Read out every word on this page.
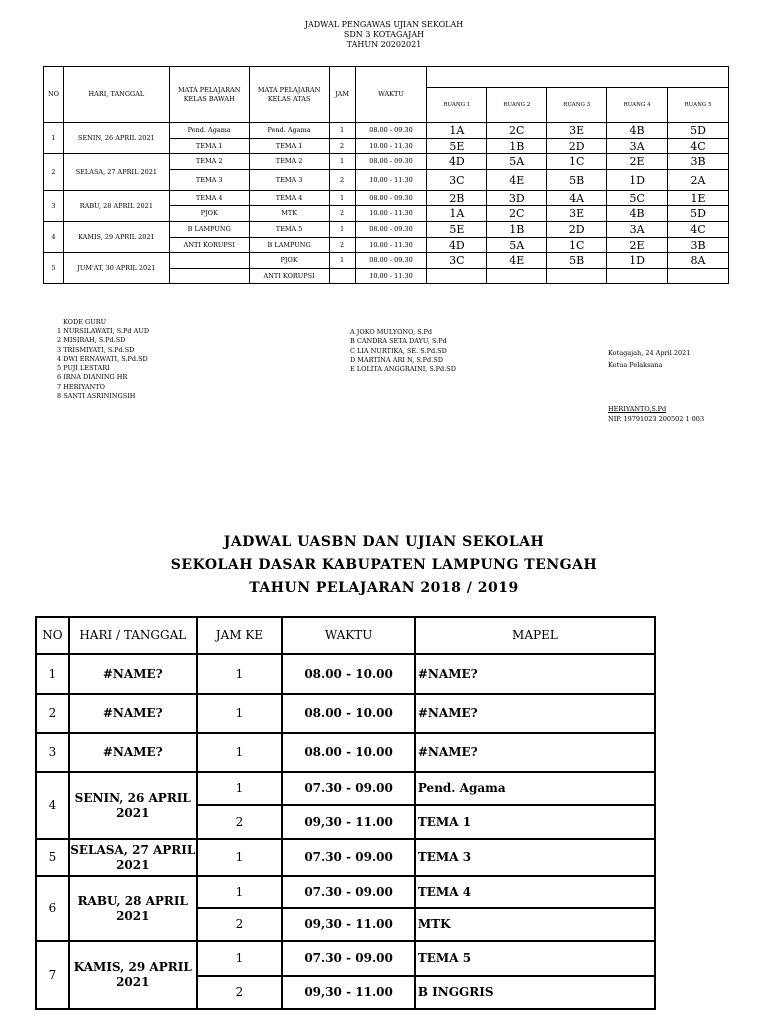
JADWAL PENGAWAS UJIAN SEKOLAH
SDN 3 KOTAGAJAH
TAHUN 20202021
NO	HARI, TANGGAL	MATA PELAJARAN KELAS BAWAH	MATA PELAJARAN KELAS ATAS	JAM	WAKTU					
						RUANG 1	RUANG 2	RUANG 3	RUANG 4	RUANG 5
1	SENIN, 26 APRIL 2021	Pend. Agama	Pend. Agama	1	08.00 - 09.30	1A	2C	3E	4B	5D
		TEMA 1	TEMA 1	2	10.00 - 11.30	5E	1B	2D	3A	4C
2	SELASA, 27 APRIL 2021	TEMA 2	TEMA 2	1	08.00 - 09.30	4D	5A	1C	2E	3B
		TEMA 3	TEMA 3	2	10.00 - 11.30	3C	4E	5B	1D	2A
3	RABU, 28 APRIL 2021	TEMA 4	TEMA 4	1	08.00 - 09.30	2B	3D	4A	5C	1E
		PJOK	MTK	2	10.00 - 11.30	1A	2C	3E	4B	5D
4	KAMIS, 29 APRIL 2021	B LAMPUNG	TEMA 5	1	08.00 - 09.30	5E	1B	2D	3A	4C
		ANTI KORUPSI	B LAMPUNG	2	10.00 - 11.30	4D	5A	1C	2E	3B
5	JUM'AT, 30 APRIL 2021		PJOK	1	08.00 - 09.30	3C	4E	5B	1D	8A
			ANTI KORUPSI		10.00 - 11.30					
KODE GURU
1 NURSILAWATI, S.Pd AUD
2 MISIRAH, S.Pd.SD
3 TRISMIYATI, S.Pd.SD
4 DWI ERNAWATI, S.Pd.SD
5 PUJI LESTARI
6 IRNA DIANING HR
7 HERIYANTO
8 SANTI ASRININGSIH
A JOKO MULYONO, S.Pd
B CANDRA SETA DAYU, S.Pd
C LIA NURTIKA, SE. S.Pd.SD
D MARTINA ARI N, S.Pd.SD
E LOLITA ANGGRAINI, S.Pd.SD
Kotagajah, 24 April 2021
Ketua Pelaksana
HERIYANTO,S.Pd
NIP. 19791023 200502 1 003
JADWAL UASBN DAN UJIAN SEKOLAH
SEKOLAH DASAR KABUPATEN LAMPUNG TENGAH
TAHUN PELAJARAN 2018 / 2019
NO	HARI / TANGGAL	JAM KE	WAKTU	MAPEL
1	#NAME?	1	08.00 - 10.00	#NAME?
2	#NAME?	1	08.00 - 10.00	#NAME?
3	#NAME?	1	08.00 - 10.00	#NAME?
4	SENIN, 26 APRIL 2021	1	07.30 - 09.00	Pend. Agama
		2	09,30 - 11.00	TEMA 1
5	SELASA, 27 APRIL 2021	1	07.30 - 09.00	TEMA 3
6	RABU, 28 APRIL 2021	1	07.30 - 09.00	TEMA 4
		2	09,30 - 11.00	MTK
7	KAMIS, 29 APRIL 2021	1	07.30 - 09.00	TEMA 5
		2	09,30 - 11.00	B INGGRIS
